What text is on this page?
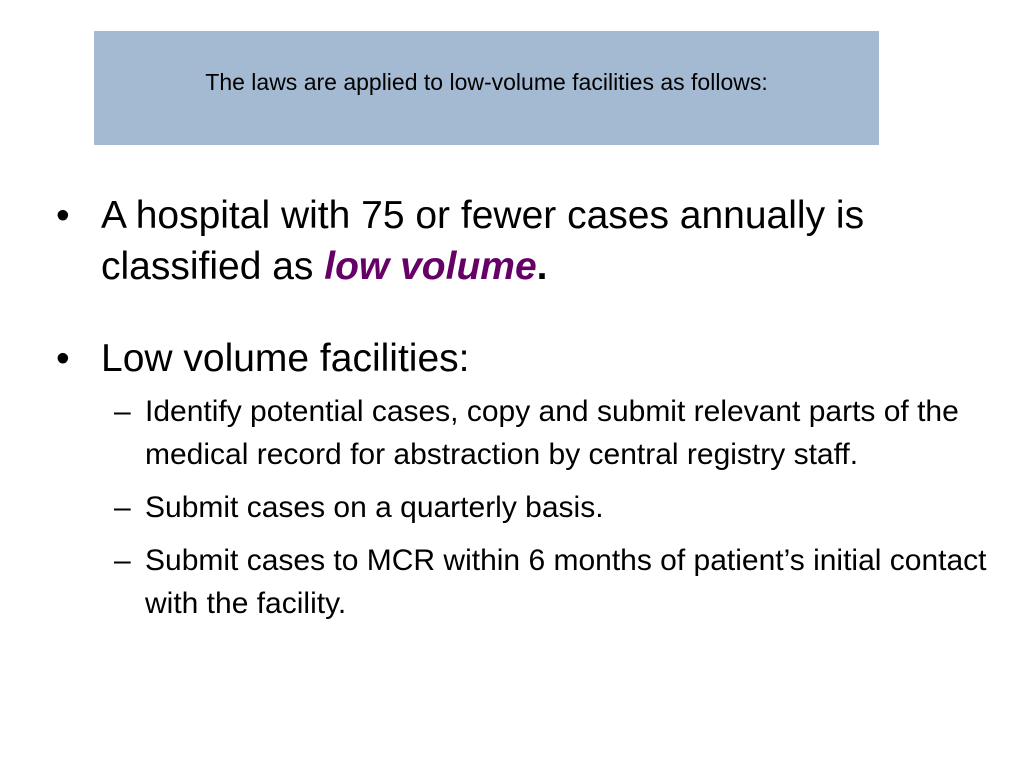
The laws are applied to low-volume facilities as follows:
• A hospital with 75 or fewer cases annually is classified as low volume.
• Low volume facilities:
– Identify potential cases, copy and submit relevant parts of the medical record for abstraction by central registry staff.
– Submit cases on a quarterly basis.
– Submit cases to MCR within 6 months of patient’s initial contact with the facility.
